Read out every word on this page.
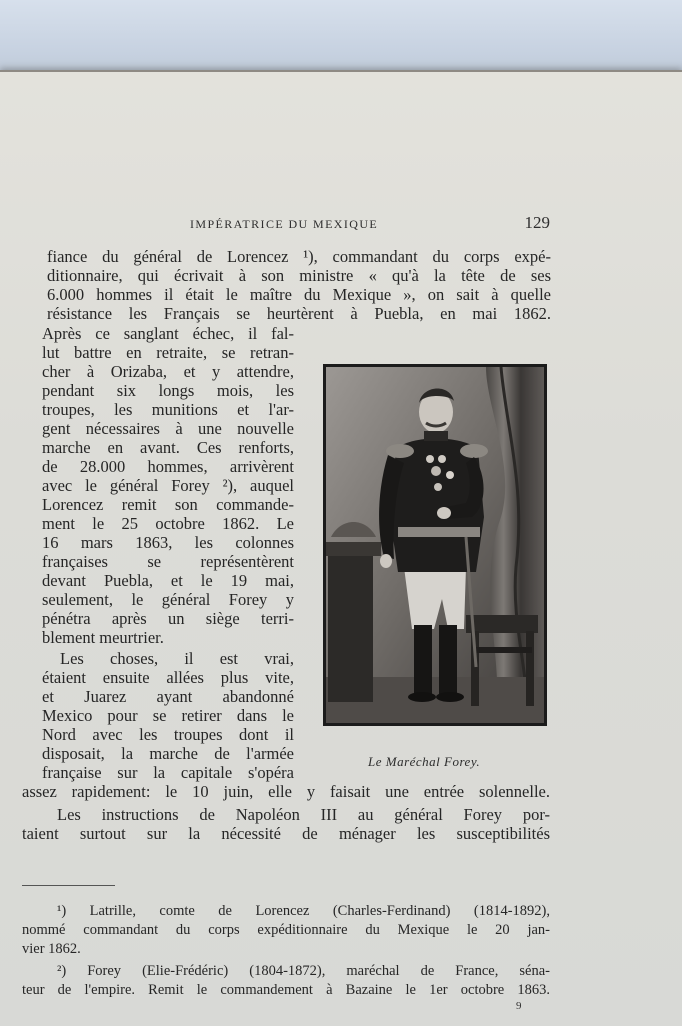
IMPÉRATRICE DU MEXIQUE	129
fiance du général de Lorencez ¹), commandant du corps expé-
ditionnaire, qui écrivait à son ministre « qu'à la tête de ses
6.000 hommes il était le maître du Mexique », on sait à quelle
résistance les Français se heurtèrent à Puebla, en mai 1862.
Après ce sanglant échec, il fal-
lut battre en retraite, se retran-
cher à Orizaba, et y attendre,
pendant six longs mois, les
troupes, les munitions et l'ar-
gent nécessaires à une nouvelle
marche en avant. Ces renforts,
de 28.000 hommes, arrivèrent
avec le général Forey ²), auquel
Lorencez remit son commande-
ment le 25 octobre 1862. Le
16 mars 1863, les colonnes
françaises se représentèrent
devant Puebla, et le 19 mai,
seulement, le général Forey y
pénétra après un siège terri-
blement meurtrier.
Les choses, il est vrai,
étaient ensuite allées plus vite,
et Juarez ayant abandonné
Mexico pour se retirer dans le
Nord avec les troupes dont il
disposait, la marche de l'armée
française sur la capitale s'opéra
Le Maréchal Forey.
assez rapidement: le 10 juin, elle y faisait une entrée solennelle.
Les instructions de Napoléon III au général Forey por-
taient surtout sur la nécessité de ménager les susceptibilités
¹) Latrille, comte de Lorencez (Charles-Ferdinand) (1814-1892),
nommé commandant du corps expéditionnaire du Mexique le 20 jan-
vier 1862.
²) Forey (Elie-Frédéric) (1804-1872), maréchal de France, séna-
teur de l'empire. Remit le commandement à Bazaine le 1er octobre 1863.
9
